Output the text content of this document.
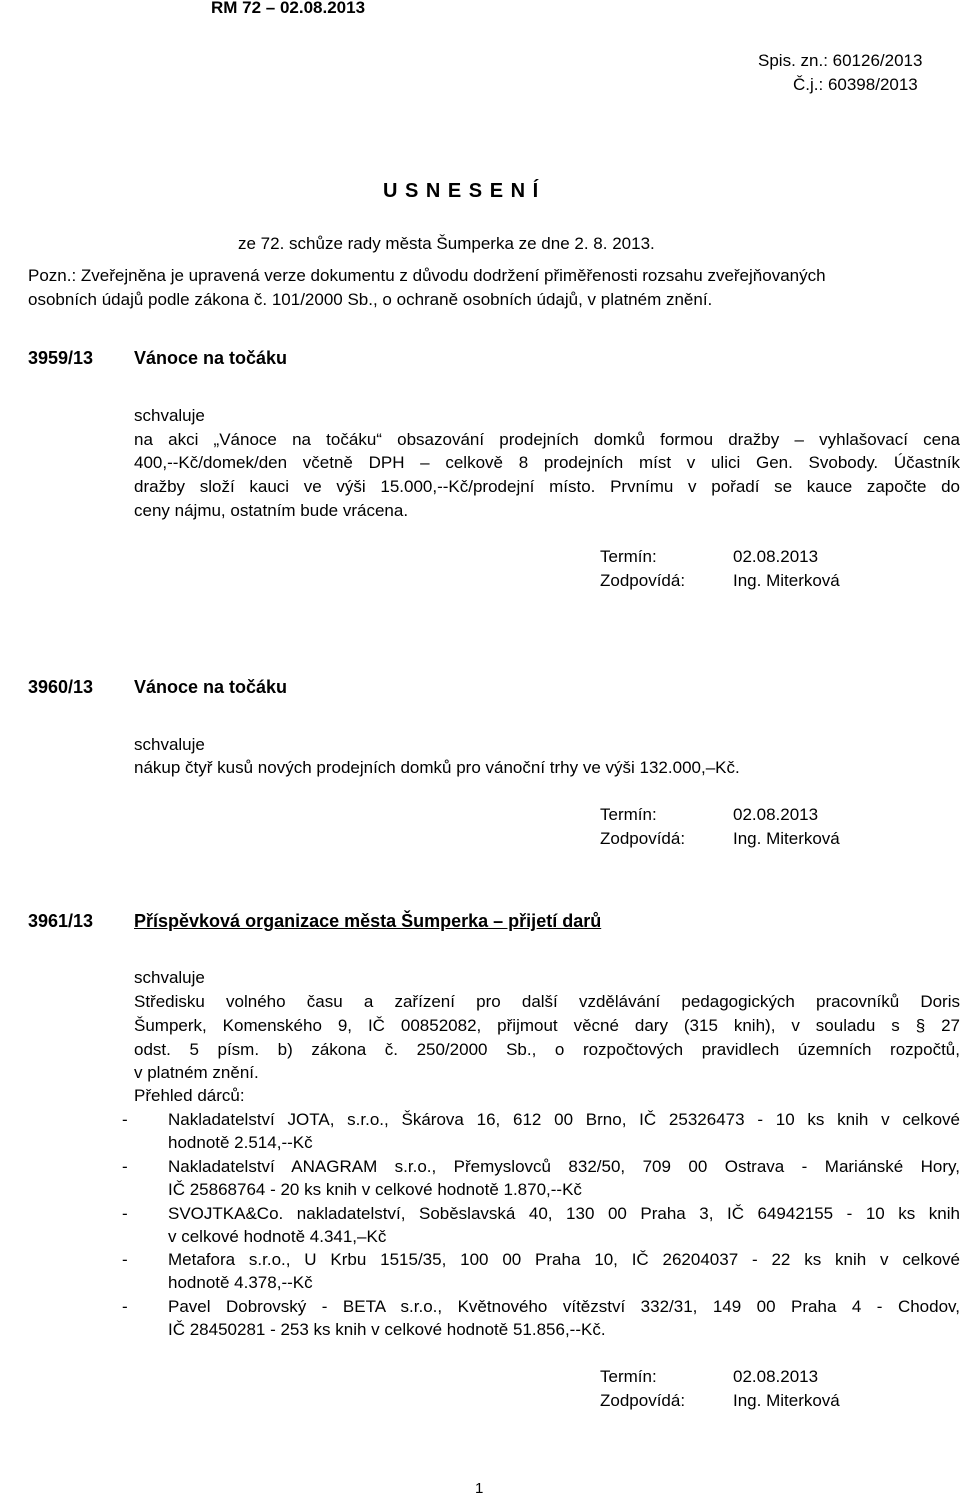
RM 72 – 02.08.2013
Spis. zn.: 60126/2013
Č.j.: 60398/2013
U S N E S E N Í
ze 72. schůze rady města Šumperka ze dne 2. 8. 2013.
Pozn.: Zveřejněna je upravená verze dokumentu z důvodu dodržení přiměřenosti rozsahu zveřejňovaných
osobních údajů podle zákona č. 101/2000 Sb., o ochraně osobních údajů, v platném znění.
3959/13 Vánoce na točáku
schvaluje
na akci „Vánoce na točáku“ obsazování prodejních domků formou dražby – vyhlašovací cena
400,--Kč/domek/den včetně DPH – celkově 8 prodejních míst v ulici Gen. Svobody. Účastník
dražby složí kauci ve výši 15.000,--Kč/prodejní místo. Prvnímu v pořadí se kauce započte do
ceny nájmu, ostatním bude vrácena.
Termín:	02.08.2013
Zodpovídá:	Ing. Miterková
3960/13 Vánoce na točáku
schvaluje
nákup čtyř kusů nových prodejních domků pro vánoční trhy ve výši 132.000,–Kč.
Termín:	02.08.2013
Zodpovídá:	Ing. Miterková
3961/13 Příspěvková organizace města Šumperka – přijetí darů
schvaluje
Středisku volného času a zařízení pro další vzdělávání pedagogických pracovníků Doris
Šumperk, Komenského 9, IČ 00852082, přijmout věcné dary (315 knih), v souladu s § 27
odst. 5 písm. b) zákona č. 250/2000 Sb., o rozpočtových pravidlech územních rozpočtů,
v platném znění.
Přehled dárců:
- Nakladatelství JOTA, s.r.o., Škárova 16, 612 00 Brno, IČ 25326473 - 10 ks knih v celkové
hodnotě 2.514,--Kč
- Nakladatelství ANAGRAM s.r.o., Přemyslovců 832/50, 709 00 Ostrava - Mariánské Hory,
IČ 25868764 - 20 ks knih v celkové hodnotě 1.870,--Kč
- SVOJTKA&Co. nakladatelství, Soběslavská 40, 130 00 Praha 3, IČ 64942155 - 10 ks knih
v celkové hodnotě 4.341,–Kč
- Metafora s.r.o., U Krbu 1515/35, 100 00 Praha 10, IČ 26204037 - 22 ks knih v celkové
hodnotě 4.378,--Kč
- Pavel Dobrovský - BETA s.r.o., Květnového vítězství 332/31, 149 00 Praha 4 - Chodov,
IČ 28450281 - 253 ks knih v celkové hodnotě 51.856,--Kč.
Termín:	02.08.2013
Zodpovídá:	Ing. Miterková
1
